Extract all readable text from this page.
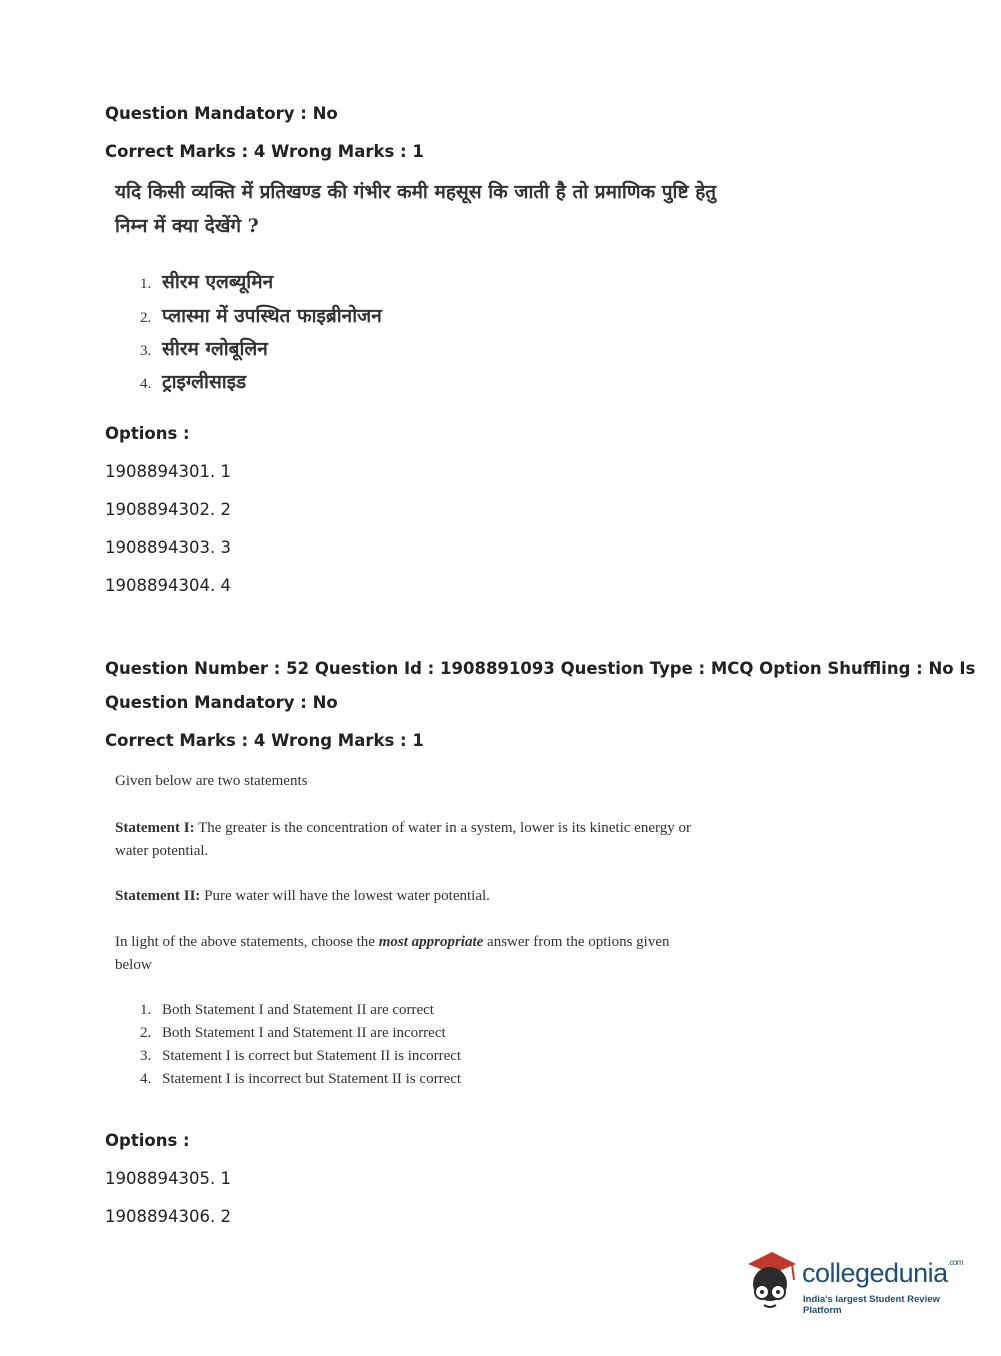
Question Mandatory : No
Correct Marks : 4 Wrong Marks : 1
यदि किसी व्यक्ति में प्रतिखण्ड की गंभीर कमी महसूस कि जाती है तो प्रमाणिक पुष्टि हेतु
निम्न में क्या देखेंगे ?
1. सीरम एलब्यूमिन
2. प्लास्मा में उपस्थित फाइब्रीनोजन
3. सीरम ग्लोबूलिन
4. ट्राइग्लीसाइड
Options :
1908894301. 1
1908894302. 2
1908894303. 3
1908894304. 4
Question Number : 52 Question Id : 1908891093 Question Type : MCQ Option Shuffling : No Is
Question Mandatory : No
Correct Marks : 4 Wrong Marks : 1
Given below are two statements
Statement I: The greater is the concentration of water in a system, lower is its kinetic energy or
water potential.
Statement II: Pure water will have the lowest water potential.
In light of the above statements, choose the most appropriate answer from the options given
below
1. Both Statement I and Statement II are correct
2. Both Statement I and Statement II are incorrect
3. Statement I is correct but Statement II is incorrect
4. Statement I is incorrect but Statement II is correct
Options :
1908894305. 1
1908894306. 2
collegedunia$^{.com}$
India's largest Student Review Platform
